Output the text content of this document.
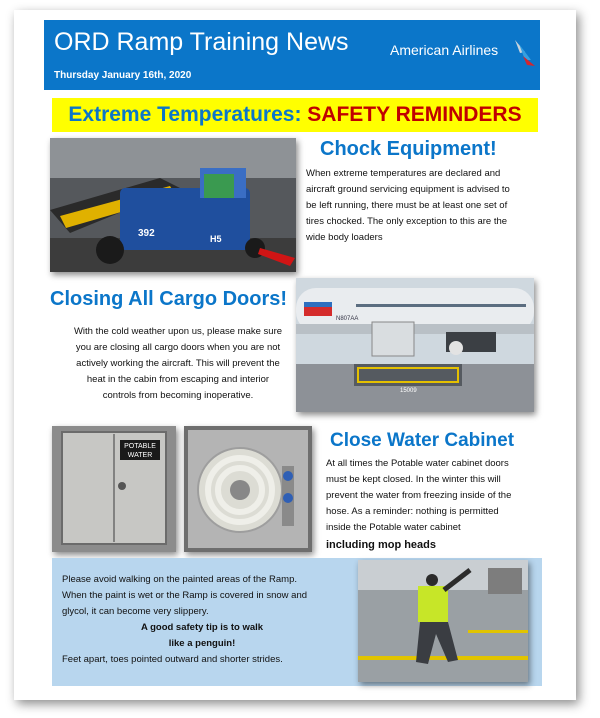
ORD Ramp Training News
Thursday January 16th, 2020
American Airlines
Extreme Temperatures: SAFETY REMINDERS
392	H5
Chock Equipment!
When extreme temperatures are declared and
aircraft ground servicing equipment is advised to
be left running, there must be at least one set of
tires chocked. The only exception to this are the
wide body loaders
Closing All Cargo Doors!
With the cold weather upon us, please make sure
you are closing all cargo doors when you are not
actively working the aircraft. This will prevent the
heat in the cabin from escaping and interior
controls from becoming inoperative.
N807AA
15009
POTABLE
WATER
Close Water Cabinet
At all times the Potable water cabinet doors
must be kept closed. In the winter this will
prevent the water from freezing inside of the
hose. As a reminder: nothing is permitted
inside the Potable water cabinet
including mop heads
Please avoid walking on the painted areas of the Ramp.
When the paint is wet or the Ramp is covered in snow and
glycol, it can become very slippery.
A good safety tip is to walk
like a penguin!
Feet apart, toes pointed outward and shorter strides.
